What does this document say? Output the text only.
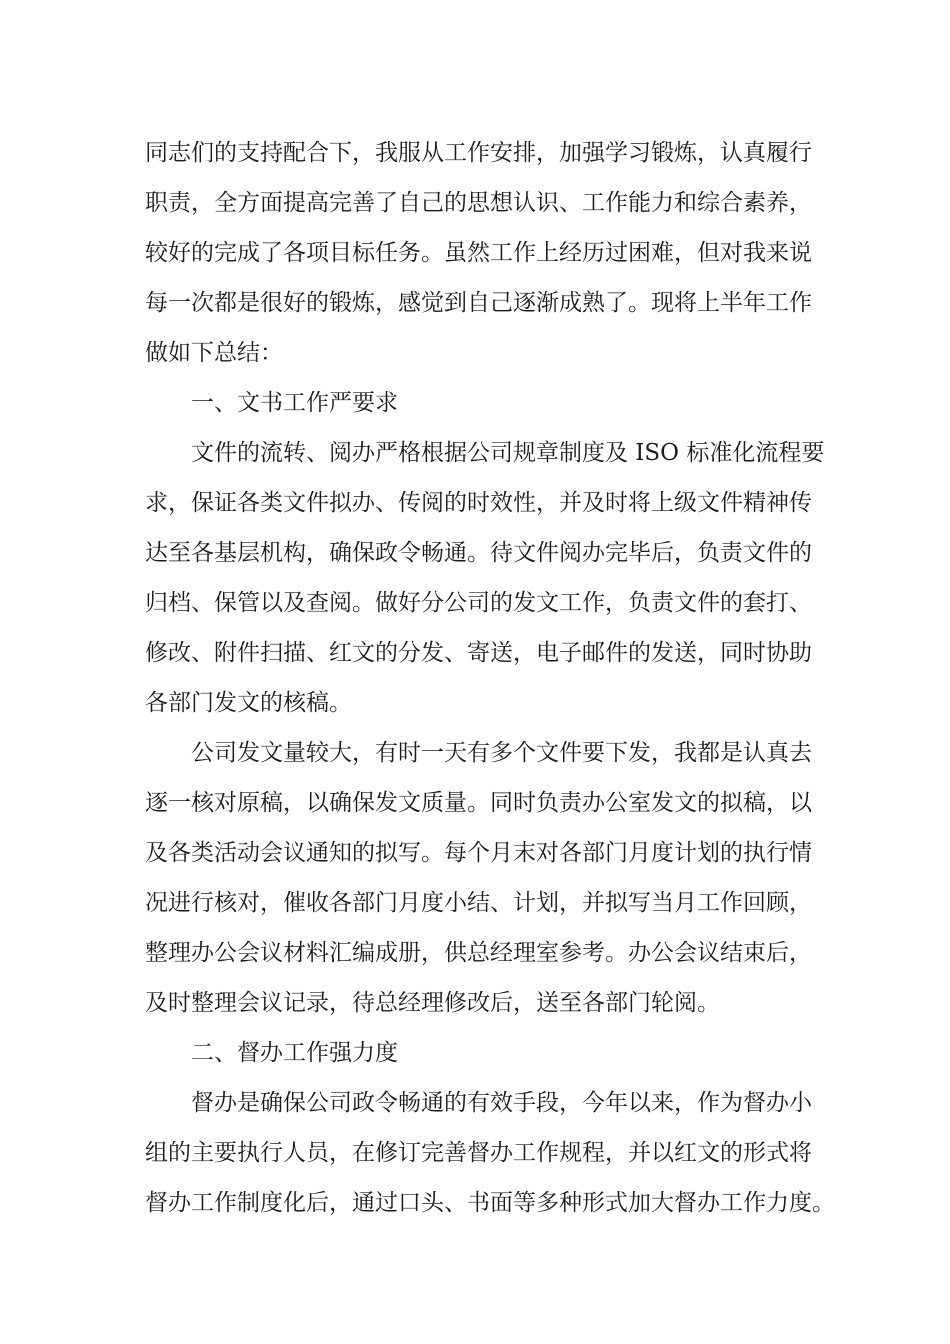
同志们的支持配合下，我服从工作安排，加强学习锻炼，认真履行
职责，全方面提高完善了自己的思想认识、工作能力和综合素养，
较好的完成了各项目标任务。虽然工作上经历过困难，但对我来说
每一次都是很好的锻炼，感觉到自己逐渐成熟了。现将上半年工作
做如下总结：
一、文书工作严要求
文件的流转、阅办严格根据公司规章制度及 ISO 标准化流程要
求，保证各类文件拟办、传阅的时效性，并及时将上级文件精神传
达至各基层机构，确保政令畅通。待文件阅办完毕后，负责文件的
归档、保管以及查阅。做好分公司的发文工作，负责文件的套打、
修改、附件扫描、红文的分发、寄送，电子邮件的发送，同时协助
各部门发文的核稿。
公司发文量较大，有时一天有多个文件要下发，我都是认真去
逐一核对原稿，以确保发文质量。同时负责办公室发文的拟稿，以
及各类活动会议通知的拟写。每个月末对各部门月度计划的执行情
况进行核对，催收各部门月度小结、计划，并拟写当月工作回顾，
整理办公会议材料汇编成册，供总经理室参考。办公会议结束后，
及时整理会议记录，待总经理修改后，送至各部门轮阅。
二、督办工作强力度
督办是确保公司政令畅通的有效手段，今年以来，作为督办小
组的主要执行人员，在修订完善督办工作规程，并以红文的形式将
督办工作制度化后，通过口头、书面等多种形式加大督办工作力度。
